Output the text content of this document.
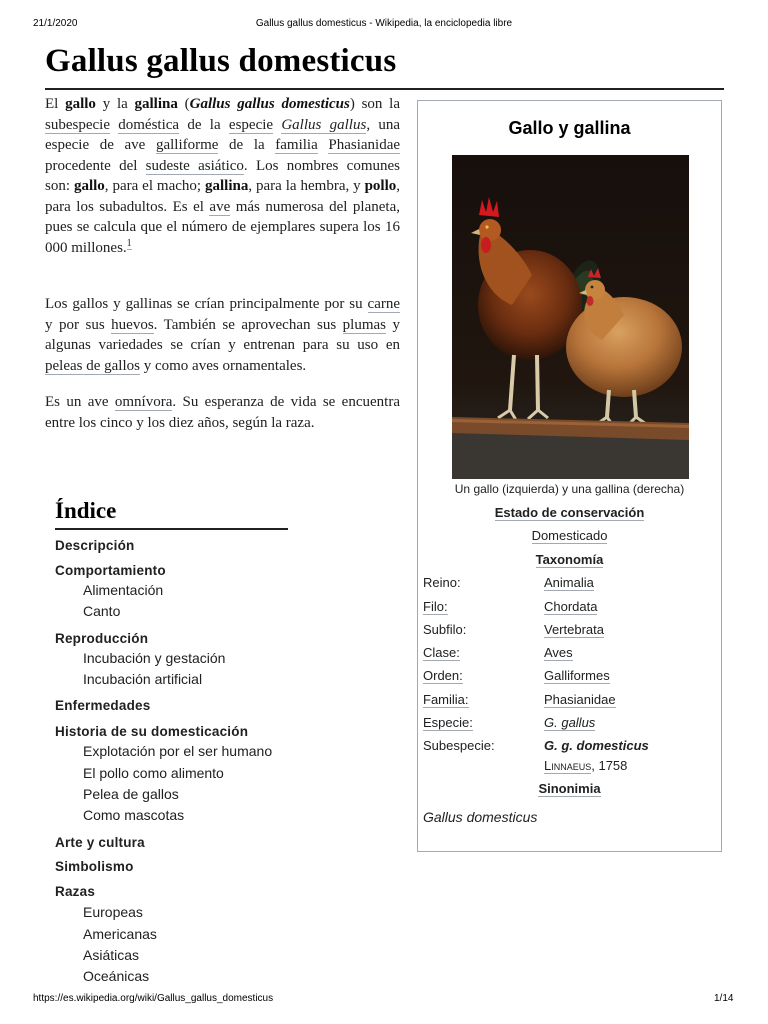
21/1/2020	Gallus gallus domesticus - Wikipedia, la enciclopedia libre
Gallus gallus domesticus

El gallo y la gallina (Gallus gallus domesticus) son la subespecie doméstica de la especie Gallus gallus, una especie de ave galliforme de la familia Phasianidae procedente del sudeste asiático. Los nombres comunes son: gallo, para el macho; gallina, para la hembra, y pollo, para los subadultos. Es el ave más numerosa del planeta, pues se calcula que el número de ejemplares supera los 16 000 millones.$^1$

Los gallos y gallinas se crían principalmente por su carne y por sus huevos. También se aprovechan sus plumas y algunas variedades se crían y entrenan para su uso en peleas de gallos y como aves ornamentales.

Es un ave omnívora. Su esperanza de vida se encuentra entre los cinco y los diez años, según la raza.

Gallo y gallina
Un gallo (izquierda) y una gallina (derecha)
Estado de conservación
Domesticado
Taxonomía
Reino:	Animalia
Filo:	Chordata
Subfilo:	Vertebrata
Clase:	Aves
Orden:	Galliformes
Familia:	Phasianidae
Especie:	G. gallus
Subespecie:	G. g. domesticus
Linnaeus, 1758
Sinonimia
Gallus domesticus
Índice
Descripción
Comportamiento
Alimentación
Canto
Reproducción
Incubación y gestación
Incubación artificial
Enfermedades
Historia de su domesticación
Explotación por el ser humano
El pollo como alimento
Pelea de gallos
Como mascotas
Arte y cultura
Simbolismo
Razas
Europeas
Americanas
Asiáticas
Oceánicas
https://es.wikipedia.org/wiki/Gallus_gallus_domesticus	1/14
